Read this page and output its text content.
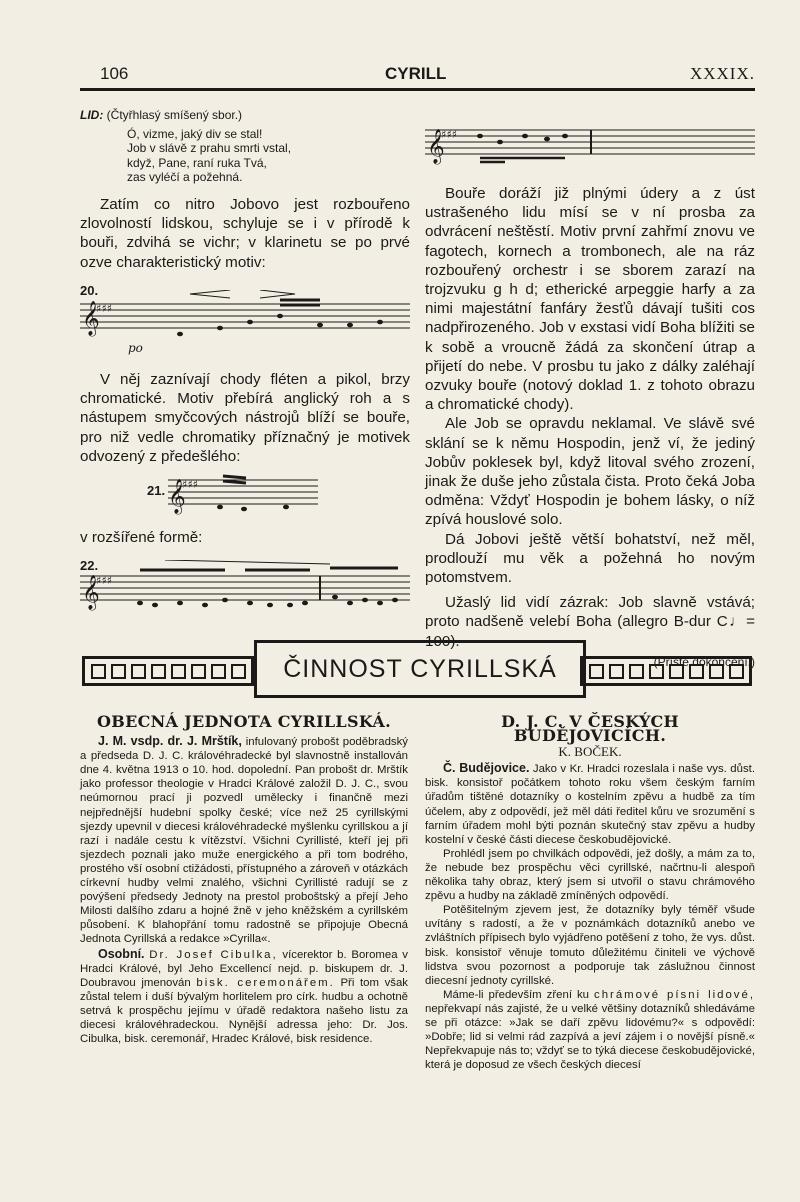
106	CYRILL	XXXIX.
LID: (Čtyřhlasý smíšený sbor.)
Ó, vizme, jaký div se stal!
Job v slávě z prahu smrti vstal,
když, Pane, raní ruka Tvá,
zas vyléčí a požehná.

Zatím co nitro Jobovo jest rozbouřeno zlovolností lidskou, schyluje se i v přírodě k bouři, zdvihá se vichr; v klarinetu se po prvé ozve charakteristický motiv:

20.
𝄞
♯♯♯
po

V něj zaznívají chody fléten a pikol, brzy chromatické. Motiv přebírá anglický roh a s nástupem smyčcových nástrojů blíží se bouře, pro niž vedle chromatiky příznačný je motivek odvozený z předešlého:

21. 𝄞
♯♯♯
v rozšířené formě:
22.
𝄞
♯♯♯
𝄞
♯♯♯

Bouře doráží již plnými údery a z úst ustrašeného lidu mísí se v ní prosba za odvrácení neštěstí. Motiv první zahřmí znovu ve fagotech, kornech a trombonech, ale na ráz rozbouřený orchestr i se sborem zarazí na trojzvuku g h d; etherické arpeggie harfy a za nimi majestátní fanfáry žesťů dávají tušiti cos nadpřirozeného. Job v exstasi vidí Boha blížiti se k sobě a vroucně žádá za skončení útrap a přijetí do nebe. V prosbu tu jako z dálky zaléhají ozvuky bouře (notový doklad 1. z tohoto obrazu a chromatické chody).

Ale Job se opravdu neklamal. Ve slávě své sklání se k němu Hospodin, jenž ví, že jediný Jobův poklesek byl, když litoval svého zrození, jinak že duše jeho zůstala čista. Proto čeká Joba odměna: Vždyť Hospodin je bohem lásky, o níž zpívá houslové solo.

Dá Jobovi ještě větší bohatství, než měl, prodlouží mu věk a požehná ho novým potomstvem.

Užaslý lid vidí zázrak: Job slavně vstává; proto nadšeně velebí Boha (allegro B-dur C♩= 100).

(Příště dokončení.)
ČINNOST CYRILLSKÁ
OBECNÁ JEDNOTA CYRILLSKÁ.

J. M. vsdp. dr. J. Mrštík, infulovaný probošt poděbradský a předseda D. J. C. královéhradecké byl slavnostně installován dne 4. května 1913 o 10. hod. dopolední. Pan probošt dr. Mrštík jako professor theologie v Hradci Králové založil D. J. C., svou neúmornou prací ji pozvedl umělecky i finančně mezi nejpřednější hudební spolky české; více než 25 cyrillskými sjezdy upevnil v diecesi královéhradecké myšlenku cyrillskou a jí razí i nadále cestu k vítězství. Všichni Cyrillisté, kteří jej při sjezdech poznali jako muže energického a při tom bodrého, prostého vší osobní ctižádosti, přístupného a zároveň v otázkách církevní hudby velmi znalého, všichni Cyrillisté radují se z povýšení předsedy Jednoty na prestol proboštský a přejí Jeho Milosti dalšího zdaru a hojné žně v jeho kněžském a cyrillském působení. K blahopřání tomu radostně se připojuje Obecná Jednota Cyrillská a redakce »Cyrilla«.

Osobní. Dr. Josef Cibulka, vícerektor b. Boromea v Hradci Králové, byl Jeho Excellencí nejd. p. biskupem dr. J. Doubravou jmenován bisk. ceremonářem. Při tom však zůstal telem i duší bývalým horlitelem pro círk. hudbu a ochotně setrvá k prospěchu jejímu v úřadě redaktora našeho listu za diecesi královéhradeckou. Nynější adressa jeho: Dr. Jos. Cibulka, bisk. ceremonář, Hradec Králové, bisk residence.

D. J. C. V ČESKÝCH BUDĚJOVICÍCH.
K. BOČEK.

Č. Budějovice. Jako v Kr. Hradci rozeslala i naše vys. důst. bisk. konsistoř počátkem tohoto roku všem českým farním úřadům tištěné dotazníky o kostelním zpěvu a hudbě za tím účelem, aby z odpovědí, jež měl dáti ředitel kůru ve srozumění s farním úřadem mohl býti poznán skutečný stav zpěvu a hudby kostelní v české části diecese českobudějovické.

Prohlédl jsem po chvilkách odpovědi, jež došly, a mám za to, že nebude bez prospěchu věci cyrillské, načrtnu-li alespoň několika tahy obraz, který jsem si utvořil o stavu chrámového zpěvu a hudby na základě zmíněných odpovědí.

Potěšitelným zjevem jest, že dotazníky byly téměř všude uvítány s radostí, a že v poznámkách dotazníků anebo ve zvláštních přípisech bylo vyjádřeno potěšení z toho, že vys. důst. bisk. konsistoř věnuje tomuto důležitému činiteli ve výchově lidstva svou pozornost a podporuje tak záslužnou činnost diecesní jednoty cyrillské.

Máme-li především zření ku chrámové písni lidové, nepřekvapí nás zajisté, že u velké většiny dotazníků shledáváme se při otázce: »Jak se daří zpěvu lidovému?« s odpovědí: »Dobře; lid si velmi rád zazpívá a jeví zájem i o novější písně.« Nepřekvapuje nás to; vždyť se to týká diecese českobudějovické, která je doposud ze všech českých diecesí
